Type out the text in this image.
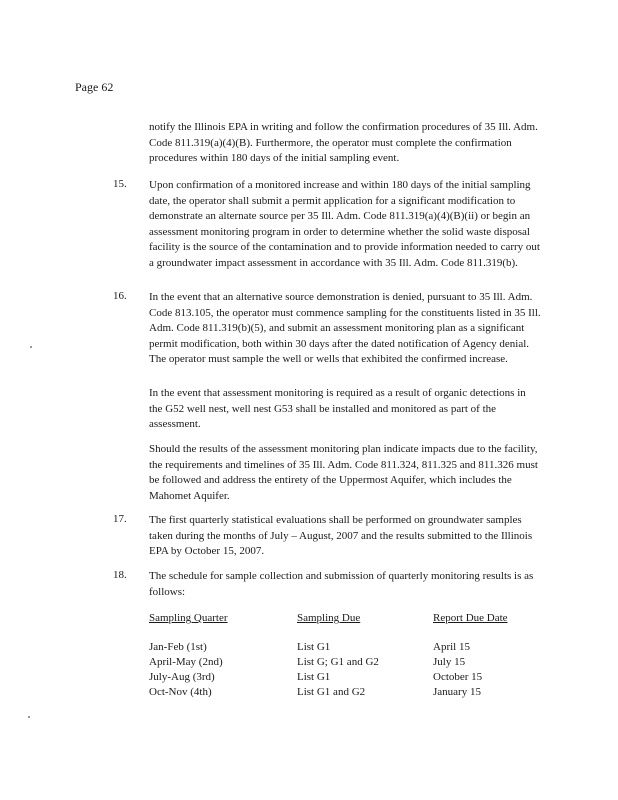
Page 62
notify the Illinois EPA in writing and follow the confirmation procedures of 35 Ill. Adm. Code 811.319(a)(4)(B). Furthermore, the operator must complete the confirmation procedures within 180 days of the initial sampling event.
15. Upon confirmation of a monitored increase and within 180 days of the initial sampling date, the operator shall submit a permit application for a significant modification to demonstrate an alternate source per 35 Ill. Adm. Code 811.319(a)(4)(B)(ii) or begin an assessment monitoring program in order to determine whether the solid waste disposal facility is the source of the contamination and to provide information needed to carry out a groundwater impact assessment in accordance with 35 Ill. Adm. Code 811.319(b).
16. In the event that an alternative source demonstration is denied, pursuant to 35 Ill. Adm. Code 813.105, the operator must commence sampling for the constituents listed in 35 Ill. Adm. Code 811.319(b)(5), and submit an assessment monitoring plan as a significant permit modification, both within 30 days after the dated notification of Agency denial. The operator must sample the well or wells that exhibited the confirmed increase.
In the event that assessment monitoring is required as a result of organic detections in the G52 well nest, well nest G53 shall be installed and monitored as part of the assessment.
Should the results of the assessment monitoring plan indicate impacts due to the facility, the requirements and timelines of 35 Ill. Adm. Code 811.324, 811.325 and 811.326 must be followed and address the entirety of the Uppermost Aquifer, which includes the Mahomet Aquifer.
17. The first quarterly statistical evaluations shall be performed on groundwater samples taken during the months of July – August, 2007 and the results submitted to the Illinois EPA by October 15, 2007.
18. The schedule for sample collection and submission of quarterly monitoring results is as follows:
Sampling Quarter	Sampling Due	Report Due Date
Jan-Feb (1st)
April-May (2nd)
July-Aug (3rd)
Oct-Nov (4th)
List G1
List G; G1 and G2
List G1
List G1 and G2
April 15
July 15
October 15
January 15
